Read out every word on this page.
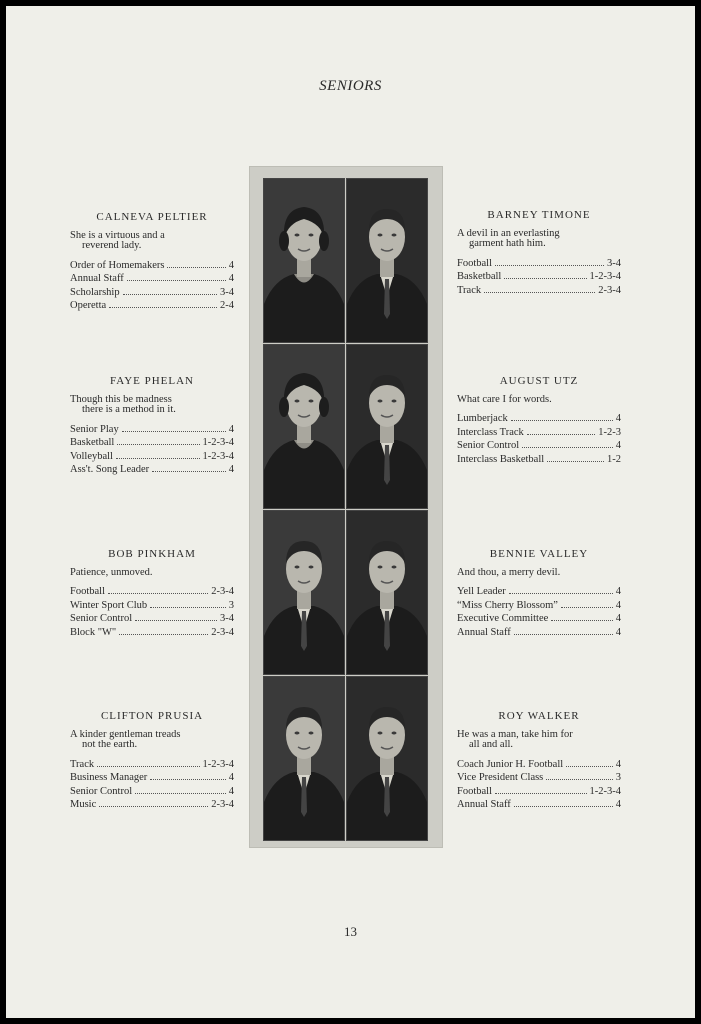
SENIORS
CALNEVA PELTIER
She is a virtuous and a
reverend lady.
Order of Homemakers	4
Annual Staff	4
Scholarship	3-4
Operetta	2-4
FAYE PHELAN
Though this be madness
there is a method in it.
Senior Play	4
Basketball	1-2-3-4
Volleyball	1-2-3-4
Ass't. Song Leader	4
BOB PINKHAM
Patience, unmoved.
Football	2-3-4
Winter Sport Club	3
Senior Control	3-4
Block "W"	2-3-4
CLIFTON PRUSIA
A kinder gentleman treads
not the earth.
Track	1-2-3-4
Business Manager	4
Senior Control	4
Music	2-3-4
BARNEY TIMONE
A devil in an everlasting
garment hath him.
Football	3-4
Basketball	1-2-3-4
Track	2-3-4
AUGUST UTZ
What care I for words.
Lumberjack	4
Interclass Track	1-2-3
Senior Control	4
Interclass Basketball	1-2
BENNIE VALLEY
And thou, a merry devil.
Yell Leader	4
“Miss Cherry Blossom”	4
Executive Committee	4
Annual Staff	4
ROY WALKER
He was a man, take him for
all and all.
Coach Junior H. Football	4
Vice President Class	3
Football	1-2-3-4
Annual Staff	4
13
